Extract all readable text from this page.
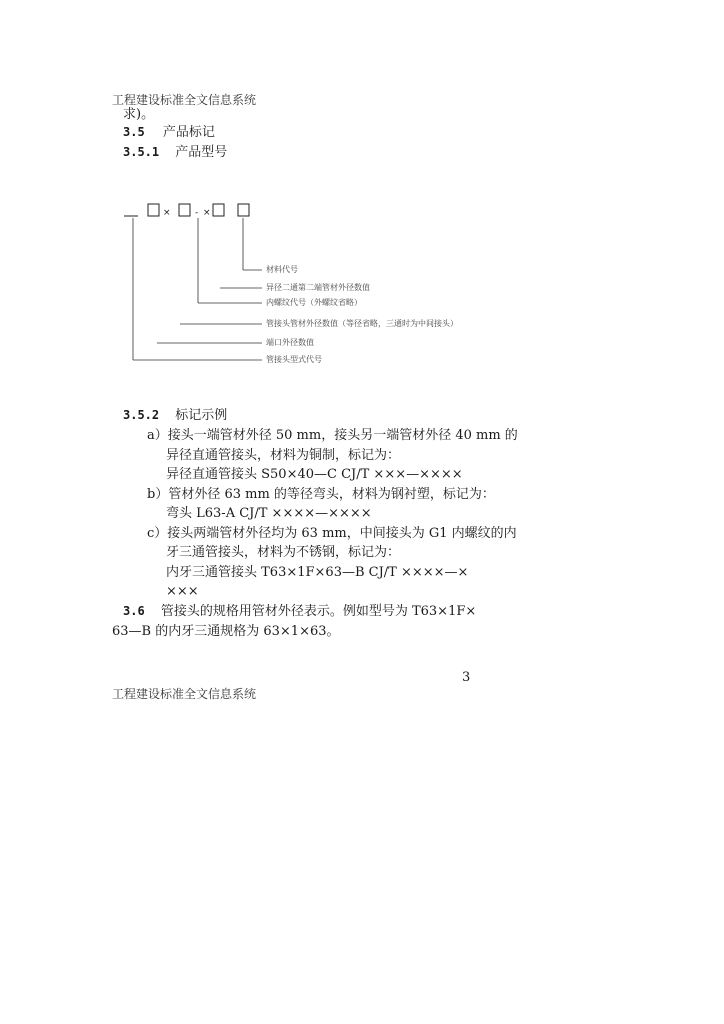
工程建设标准全文信息系统
求)。
3.5 产品标记
3.5.1 产品型号
×	- ×
材料代号
异径二通第二端管材外径数值
内螺纹代号（外螺纹省略）
管接头管材外径数值（等径省略，三通时为中间接头）
端口外径数值
管接头型式代号
3.5.2 标记示例
a）接头一端管材外径 50 mm，接头另一端管材外径 40 mm 的
异径直通管接头，材料为铜制，标记为：
异径直通管接头 S50×40—C CJ/T ×××—××××
b）管材外径 63 mm 的等径弯头，材料为钢衬塑，标记为：
弯头 L63-A CJ/T ××××—××××
c）接头两端管材外径均为 63 mm，中间接头为 G1 内螺纹的内
牙三通管接头，材料为不锈钢，标记为：
内牙三通管接头 T63×1F×63—B CJ/T ××××—×
×××
3.6 管接头的规格用管材外径表示。例如型号为 T63×1F×
63—B 的内牙三通规格为 63×1×63。
3
工程建设标准全文信息系统
